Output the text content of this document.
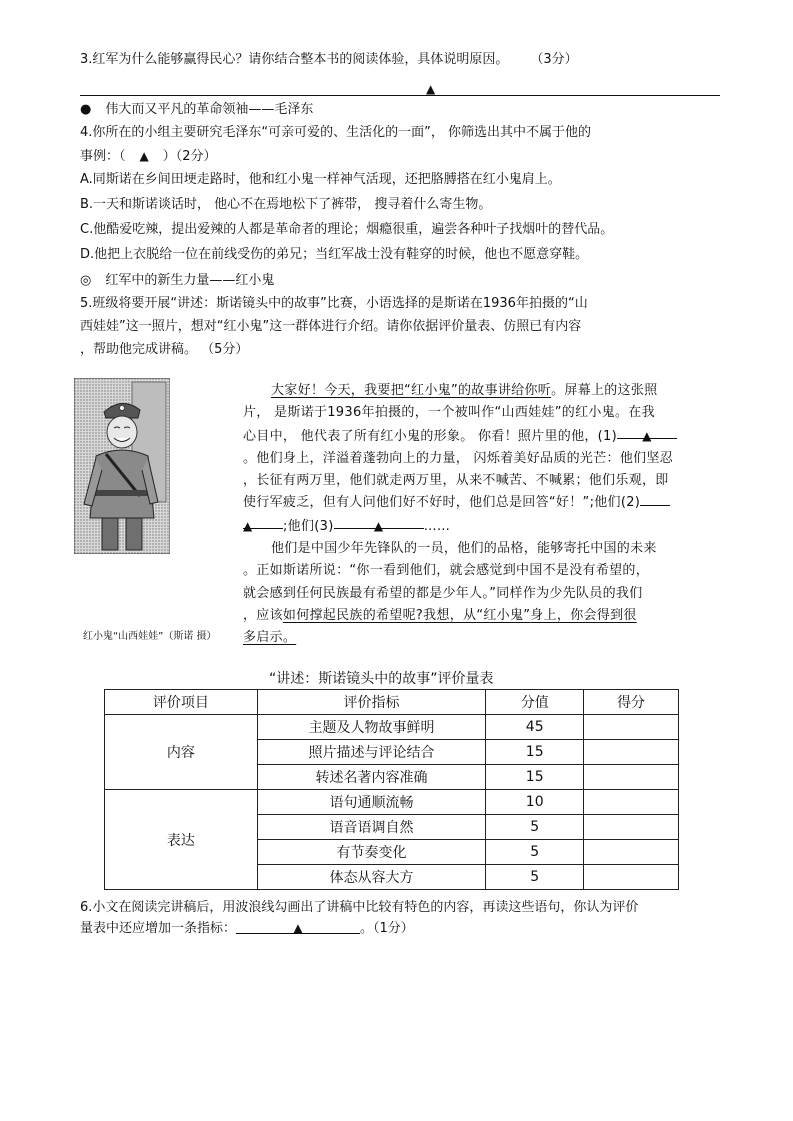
3.红军为什么能够赢得民心？请你结合整本书的阅读体验，具体说明原因。 （3分）
▲
● 伟大而又平凡的革命领袖——毛泽东
4.你所在的小组主要研究毛泽东“可亲可爱的、生活化的一面”， 你筛选出其中不属于他的
事例：（ ▲ ）（2分）
A.同斯诺在乡间田埂走路时，他和红小鬼一样神气活现，还把胳膊搭在红小鬼肩上。
B.一天和斯诺谈话时， 他心不在焉地松下了裤带， 搜寻着什么寄生物。
C.他酷爱吃辣，提出爱辣的人都是革命者的理论；烟瘾很重，遍尝各种叶子找烟叶的替代品。
D.他把上衣脱给一位在前线受伤的弟兄；当红军战士没有鞋穿的时候，他也不愿意穿鞋。
◎ 红军中的新生力量——红小鬼
5.班级将要开展“讲述：斯诺镜头中的故事”比赛，小语选择的是斯诺在1936年拍摄的“山
西娃娃”这一照片，想对“红小鬼”这一群体进行介绍。请你依据评价量表、仿照已有内容
，帮助他完成讲稿。 （5分）
红小鬼“山西娃娃”（斯诺 摄）
大家好！今天，我要把“红小鬼”的故事讲给你听。屏幕上的这张照
片， 是斯诺于1936年拍摄的，一个被叫作“山西娃娃”的红小鬼。在我
心目中， 他代表了所有红小鬼的形象。 你看！照片里的他，(1) ▲
。他们身上，洋溢着蓬勃向上的力量， 闪烁着美好品质的光芒：他们坚忍
，长征有两万里，他们就走两万里，从来不喊苦、不喊累；他们乐观，即
使行军疲乏，但有人问他们好不好时，他们总是回答“好！”;他们(2)
▲ ;他们(3)	▲	……
他们是中国少年先锋队的一员，他们的品格，能够寄托中国的未来
。正如斯诺所说：“你一看到他们，就会感觉到中国不是没有希望的，
就会感到任何民族最有希望的都是少年人。”同样作为少先队员的我们
，应该如何撑起民族的希望呢?我想，从“红小鬼”身上，你会得到很
多启示。
“讲述：斯诺镜头中的故事”评价量表
评价项目	评价指标	分值	得分
内容	主题及人物故事鲜明	45	
	照片描述与评论结合	15	
	转述名著内容准确	15	
表达	语句通顺流畅	10	
	语音语调自然	5	
	有节奏变化	5	
	体态从容大方	5	
6.小文在阅读完讲稿后，用波浪线勾画出了讲稿中比较有特色的内容，再读这些语句，你认为评价
量表中还应增加一条指标：	▲	。（1分）
